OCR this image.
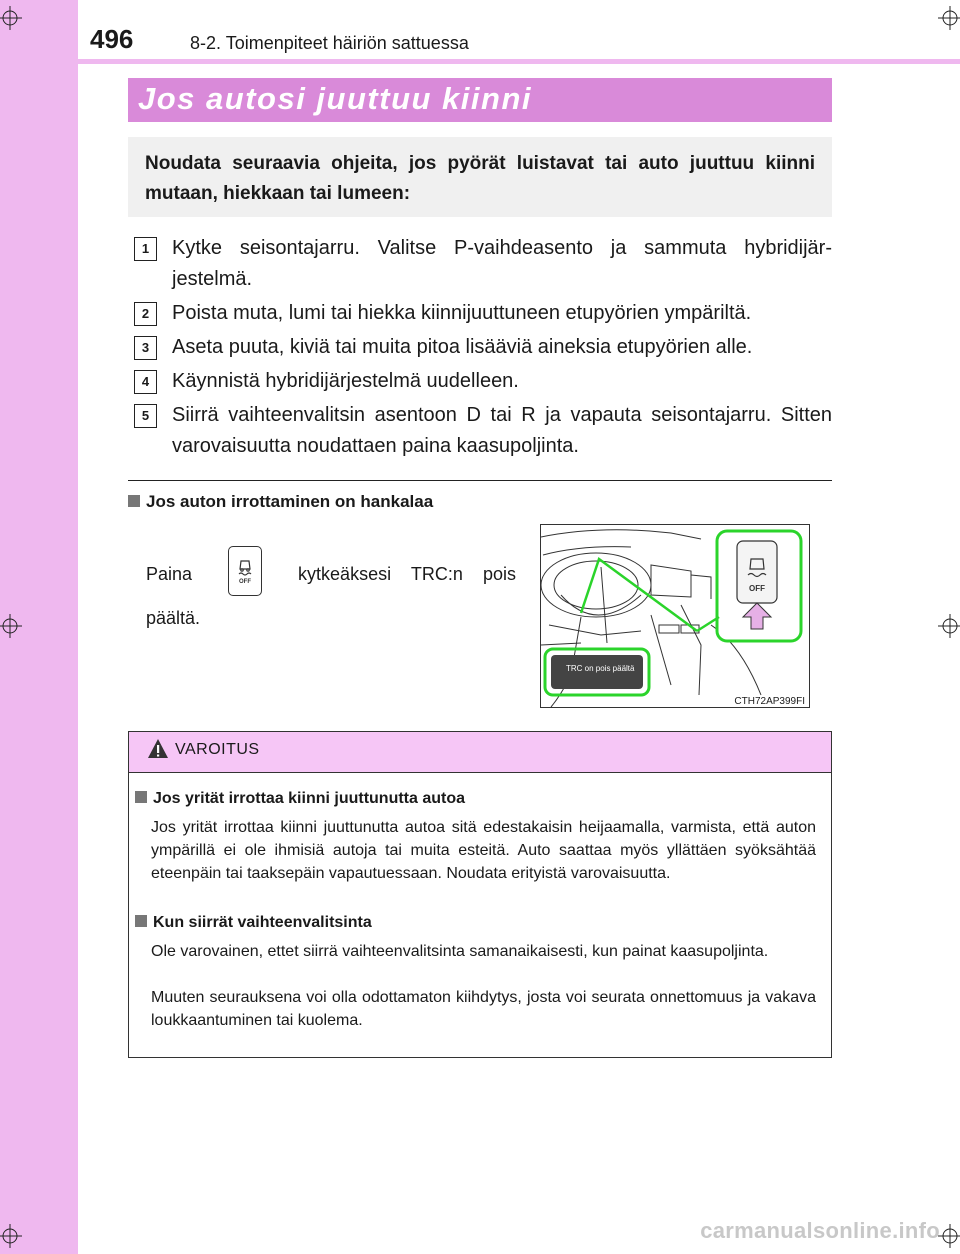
496	8-2. Toimenpiteet häiriön sattuessa
Jos autosi juuttuu kiinni
Noudata seuraavia ohjeita, jos pyörät luistavat tai auto juuttuu kiinni mutaan, hiekkaan tai lumeen:
1	Kytke seisontajarru. Valitse P-vaihdeasento ja sammuta hybridijär-jestelmä.
2	Poista muta, lumi tai hiekka kiinnijuuttuneen etupyörien ympäriltä.
3	Aseta puuta, kiviä tai muita pitoa lisääviä aineksia etupyörien alle.
4	Käynnistä hybridijärjestelmä uudelleen.
5	Siirrä vaihteenvalitsin asentoon D tai R ja vapauta seisontajarru. Sitten varovaisuutta noudattaen paina kaasupoljinta.
Jos auton irrottaminen on hankalaa
Paina	OFF	kytkeäksesi TRC:n pois päältä.
OFF
CTH72AP399FI
TRC on pois päältä
VAROITUS
Jos yrität irrottaa kiinni juuttunutta autoa
Jos yrität irrottaa kiinni juuttunutta autoa sitä edestakaisin heijaamalla, varmista, että auton ympärillä ei ole ihmisiä autoja tai muita esteitä. Auto saattaa myös yllättäen syöksähtää eteenpäin tai taaksepäin vapautuessaan. Noudata erityistä varovaisuutta.
Kun siirrät vaihteenvalitsinta
Ole varovainen, ettet siirrä vaihteenvalitsinta samanaikaisesti, kun painat kaasupoljinta.
Muuten seurauksena voi olla odottamaton kiihdytys, josta voi seurata onnettomuus ja vakava loukkaantuminen tai kuolema.
carmanualsonline.info
